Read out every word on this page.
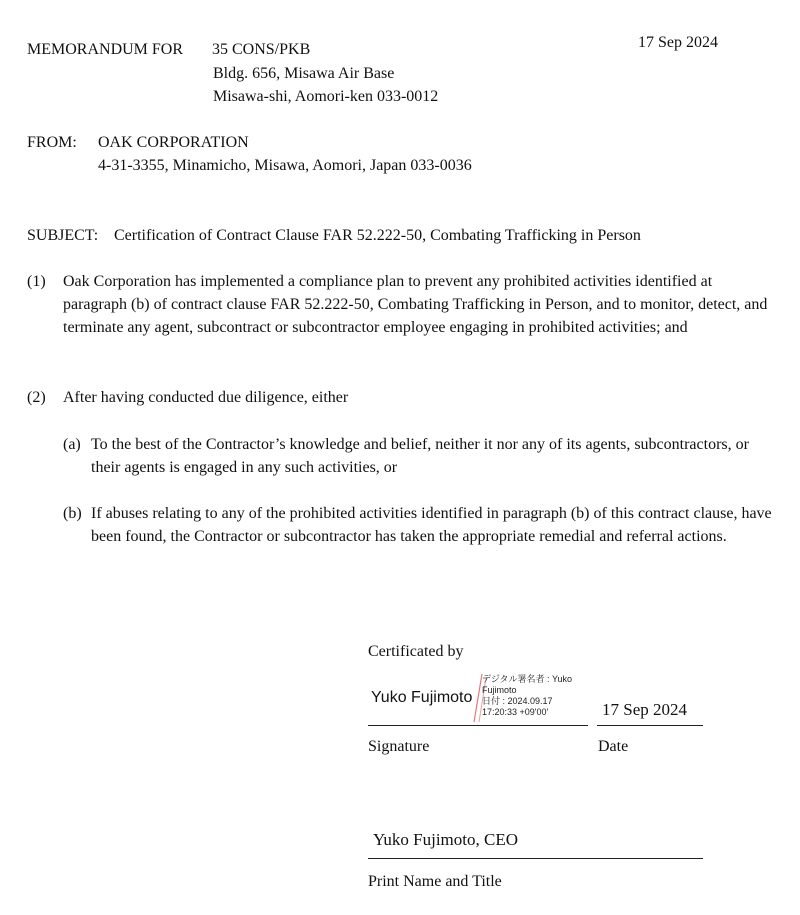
17 Sep 2024
MEMORANDUM FOR 35 CONS/PKB
Bldg. 656, Misawa Air Base
Misawa-shi, Aomori-ken 033-0012
FROM: OAK CORPORATION
4-31-3355, Minamicho, Misawa, Aomori, Japan 033-0036
SUBJECT: Certification of Contract Clause FAR 52.222-50, Combating Trafficking in Person
(1) Oak Corporation has implemented a compliance plan to prevent any prohibited activities identified at paragraph (b) of contract clause FAR 52.222-50, Combating Trafficking in Person, and to monitor, detect, and terminate any agent, subcontract or subcontractor employee engaging in prohibited activities; and
(2) After having conducted due diligence, either
(a) To the best of the Contractor’s knowledge and belief, neither it nor any of its agents, subcontractors, or their agents is engaged in any such activities, or
(b) If abuses relating to any of the prohibited activities identified in paragraph (b) of this contract clause, have been found, the Contractor or subcontractor has taken the appropriate remedial and referral actions.
Certificated by
Yuko Fujimoto
デジタル署名者 : Yuko
Fujimoto
日付 : 2024.09.17
17:20:33 +09'00'	17 Sep 2024
Signature	Date
Yuko Fujimoto, CEO
Print Name and Title
